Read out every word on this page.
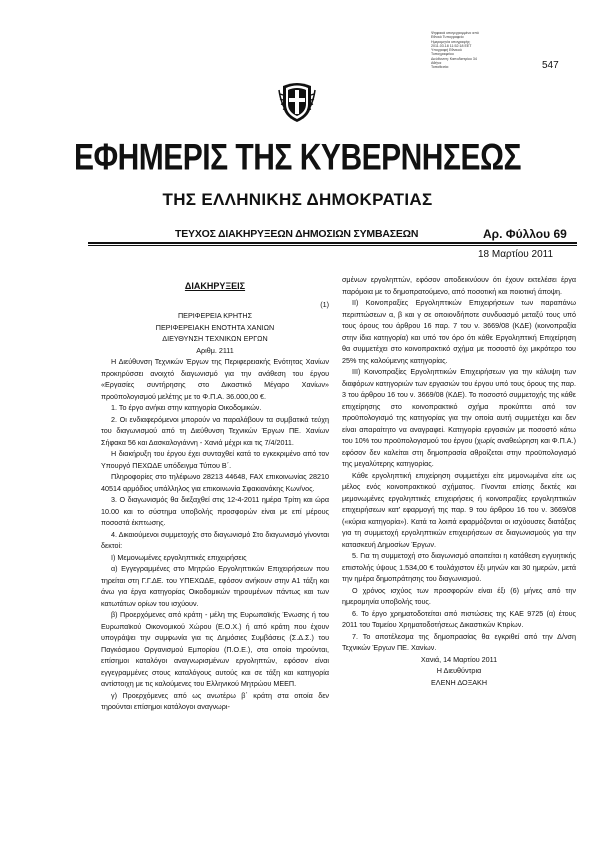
Ψηφιακά υπογεγραμμένο από
Εθνικό Τυπογραφείο
Ημερομηνία υπογραφής:
2011.03.18 11:52:18 EET
Υπογραφή Εθνικού
Τυπογραφείου
Διεύθυνση: Καποδιστρίου 34
Αθήνα
Τοποθεσία:	547
ΕΦΗΜΕΡΙΣ ΤΗΣ ΚΥΒΕΡΝΗΣΕΩΣ
ΤΗΣ ΕΛΛΗΝΙΚΗΣ ΔΗΜΟΚΡΑΤΙΑΣ
ΤΕΥΧΟΣ ΔΙΑΚΗΡΥΞΕΩΝ ΔΗΜΟΣΙΩΝ ΣΥΜΒΑΣΕΩΝ	Αρ. Φύλλου 69
18 Μαρτίου 2011

ΔΙΑΚΗΡΥΞΕΙΣ

(1)

ΠΕΡΙΦΕΡΕΙΑ ΚΡΗΤΗΣ

ΠΕΡΙΦΕΡΕΙΑΚΗ ΕΝΟΤΗΤΑ ΧΑΝΙΩΝ

ΔΙΕΥΘΥΝΣΗ ΤΕΧΝΙΚΩΝ ΕΡΓΩΝ

Αριθμ. 2111

Η Διεύθυνση Τεχνικών Έργων της Περιφερειακής Ενότητας Χανίων προκηρύσσει ανοιχτό διαγωνισμό για την ανάθεση του έργου «Εργασίες συντήρησης στο Δικαστικό Μέγαρο Χανίων» προϋπολογισμού μελέτης με το Φ.Π.Α. 36.000,00 €.

1. Το έργο ανήκει στην κατηγορία Οικοδομικών.

2. Οι ενδιαφερόμενοι μπορούν να παραλάβουν τα συμβατικά τεύχη του διαγωνισμού από τη Διεύθυνση Τεχνικών Έργων ΠΕ. Χανίων Σήφακα 56 και Δασκαλογιάννη - Χανιά μέχρι και τις 7/4/2011.

Η διακήρυξη του έργου έχει συνταχθεί κατά το εγκεκριμένο από τον Υπουργό ΠΕΧΩΔΕ υπόδειγμα Τύπου Β΄.

Πληροφορίες στο τηλέφωνο 28213 44648, FAX επικοινωνίας 28210 40514 αρμόδιος υπάλληλος για επικοινωνία Σφακιανάκης Κων/νος.

3. Ο διαγωνισμός θα διεξαχθεί στις 12-4-2011 ημέρα Τρίτη και ώρα 10.00 και το σύστημα υποβολής προσφορών είναι με επί μέρους ποσοστά έκπτωσης.

4. Δικαιούμενοι συμμετοχής στο διαγωνισμό Στο διαγωνισμό γίνονται δεκτοί:

I) Μεμονωμένες εργοληπτικές επιχειρήσεις

α) Εγγεγραμμένες στο Μητρώο Εργοληπτικών Επιχειρήσεων που τηρείται στη Γ.Γ.ΔΕ. του ΥΠΕΧΩΔΕ, εφόσον ανήκουν στην Α1 τάξη και άνω για έργα κατηγορίας Οικοδομικών τηρουμένων πάντως και των κατωτάτων ορίων του ισχύουν.

β) Προερχόμενες από κράτη - μέλη της Ευρωπαϊκής Ένωσης ή του Ευρωπαϊκού Οικονομικού Χώρου (Ε.Ο.Χ.) ή από κράτη που έχουν υπογράψει την συμφωνία για τις Δημόσιες Συμβάσεις (Σ.Δ.Σ.) του Παγκόσμιου Οργανισμού Εμπορίου (Π.Ο.Ε.), στα οποία τηρούνται, επίσημοι καταλόγοι αναγνωρισμένων εργοληπτών, εφόσον είναι εγγεγραμμένες στους καταλόγους αυτούς και σε τάξη και κατηγορία αντίστοιχη με τις καλούμενες του Ελληνικού Μητρώου ΜΕΕΠ.

γ) Προερχόμενες από ως ανωτέρω β΄ κράτη στα οποία δεν τηρούνται επίσημοι κατάλογοι αναγνωρι-

σμένων εργοληπτών, εφόσον αποδεικνύουν ότι έχουν εκτελέσει έργα παρόμοια με το δημοπρατούμενο, από ποσοτική και ποιοτική άποψη.

II) Κοινοπραξίες Εργοληπτικών Επιχειρήσεων των παραπάνω περιπτώσεων α, β και γ σε οποιονδήποτε συνδυασμό μεταξύ τους υπό τους όρους του άρθρου 16 παρ. 7 του ν. 3669/08 (ΚΔΕ) (κοινοπραξία στην ίδια κατηγορία) και υπό τον όρο ότι κάθε Εργοληπτική Επιχείρηση θα συμμετέχει στο κοινοπρακτικό σχήμα με ποσοστό όχι μικρότερο του 25% της καλούμενης κατηγορίας.

III) Κοινοπραξίες Εργοληπτικών Επιχειρήσεων για την κάλυψη των διαφόρων κατηγοριών των εργασιών του έργου υπό τους όρους της παρ. 3 του άρθρου 16 του ν. 3669/08 (ΚΔΕ). Το ποσοστό συμμετοχής της κάθε επιχείρησης στο κοινοπρακτικό σχήμα προκύπτει από τον προϋπολογισμό της κατηγορίας για την οποία αυτή συμμετέχει και δεν είναι απαραίτητο να αναγραφεί. Κατηγορία εργασιών με ποσοστό κάτω του 10% του προϋπολογισμού του έργου (χωρίς αναθεώρηση και Φ.Π.Α.) εφόσον δεν καλείται στη δημοπρασία αθροίζεται στην προϋπολογισμό της μεγαλύτερης κατηγορίας.

Κάθε εργοληπτική επιχείρηση συμμετέχει είτε μεμονωμένα είτε ως μέλος ενός κοινοπρακτικού σχήματος. Γίνονται επίσης δεκτές και μεμονωμένες εργοληπτικές επιχειρήσεις ή κοινοπραξίες εργοληπτικών επιχειρήσεων κατ' εφαρμογή της παρ. 9 του άρθρου 16 του ν. 3669/08 («κύρια κατηγορία»). Κατά τα λοιπά εφαρμόζονται οι ισχύουσες διατάξεις για τη συμμετοχή εργοληπτικών επιχειρήσεων σε διαγωνισμούς για την κατασκευή Δημοσίων Έργων.

5. Για τη συμμετοχή στο διαγωνισμό απαιτείται η κατάθεση εγγυητικής επιστολής ύψους 1.534,00 € τουλάχιστον έξι μηνών και 30 ημερών, μετά την ημέρα δημοπράτησης του διαγωνισμού.

Ο χρόνος ισχύος των προσφορών είναι έξι (6) μήνες από την ημερομηνία υποβολής τους.

6. Το έργο χρηματοδοτείται από πιστώσεις της ΚΑΕ 9725 (α) έτους 2011 του Ταμείου Χρηματοδοτήσεως Δικαστικών Κτιρίων.

7. Το αποτέλεσμα της δημοπρασίας θα εγκριθεί από την Δ/νση Τεχνικών Έργων ΠΕ. Χανίων.

Χανιά, 14 Μαρτίου 2011

Η Διευθύντρια

ΕΛΕΝΗ ΔΟΞΑΚΗ
